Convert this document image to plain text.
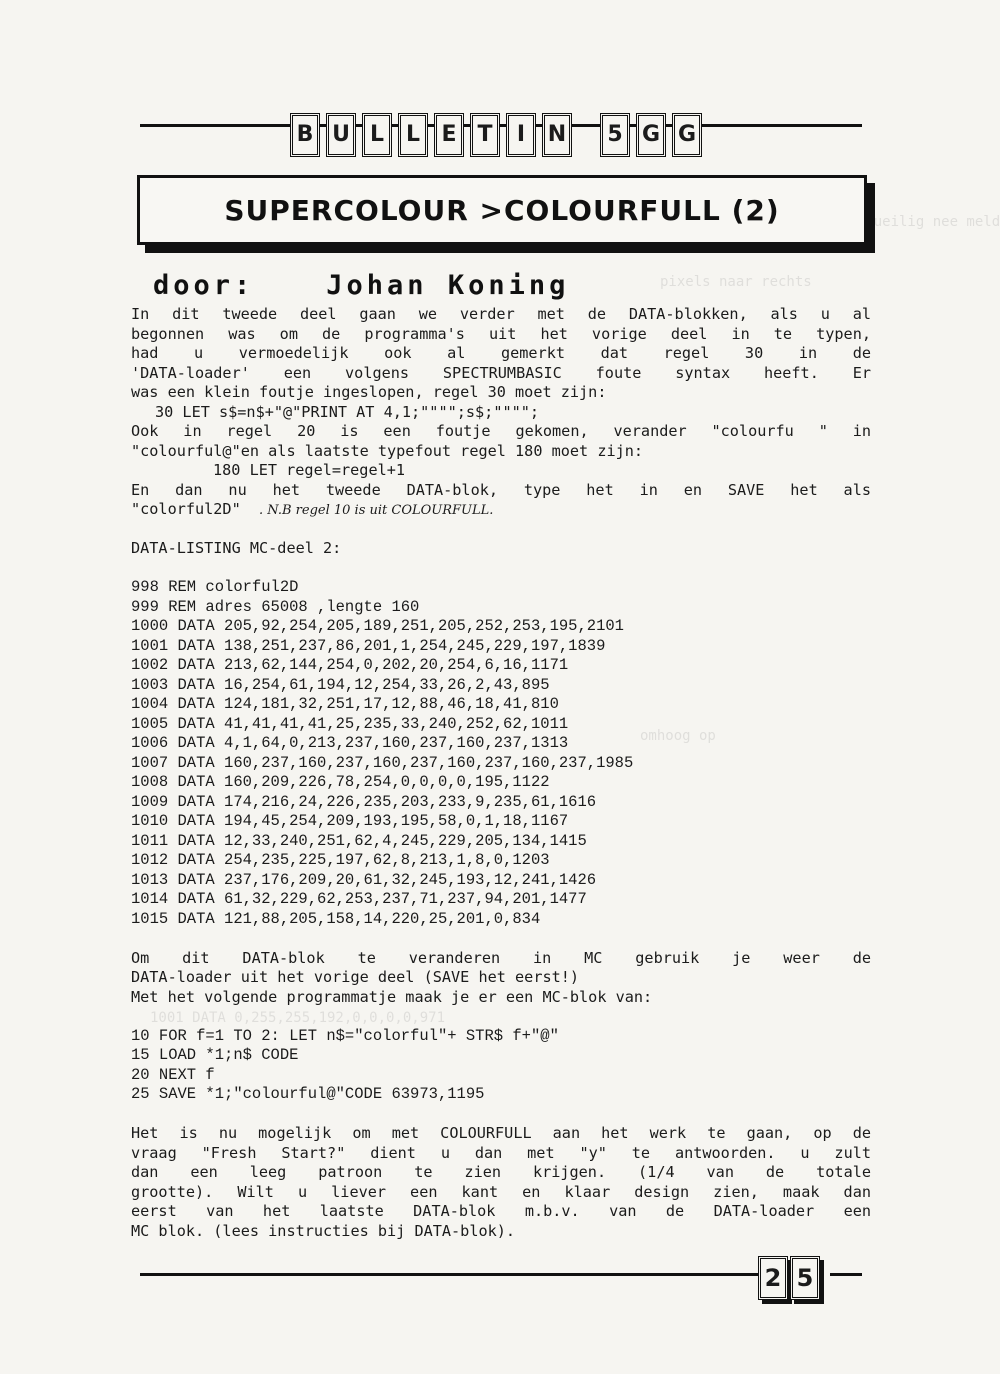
Met ueilig nee meld
pixels naar rechts
omhoog op
1001 DATA 0,255,255,192,0,0,0,0,971
B U L L E T	I	N	5 G G
SUPERCOLOUR >COLOURFULL (2)
door:	Johan Koning
In dit tweede deel gaan we verder met de DATA-blokken, als u al
begonnen was om de programma's uit het vorige deel in te typen,
had u vermoedelijk ook al gemerkt dat regel 30 in de
'DATA-loader' een volgens SPECTRUMBASIC foute syntax heeft. Er
was een klein foutje ingeslopen, regel 30 moet zijn:
30 LET s$=n$+"@"PRINT AT 4,1;"""";s$;"""";
Ook in regel 20 is een foutje gekomen, verander "colourfu " in
"colourful@"en als laatste typefout regel 180 moet zijn:
180 LET regel=regel+1
En dan nu het tweede DATA-blok, type het in en SAVE het als
"colorful2D" . N.B regel 10 is uit COLOURFULL.
DATA-LISTING MC-deel 2:
998 REM colorful2D
999 REM adres 65008 ,lengte 160
1000 DATA 205,92,254,205,189,251,205,252,253,195,2101
1001 DATA 138,251,237,86,201,1,254,245,229,197,1839
1002 DATA 213,62,144,254,0,202,20,254,6,16,1171
1003 DATA 16,254,61,194,12,254,33,26,2,43,895
1004 DATA 124,181,32,251,17,12,88,46,18,41,810
1005 DATA 41,41,41,41,25,235,33,240,252,62,1011
1006 DATA 4,1,64,0,213,237,160,237,160,237,1313
1007 DATA 160,237,160,237,160,237,160,237,160,237,1985
1008 DATA 160,209,226,78,254,0,0,0,0,195,1122
1009 DATA 174,216,24,226,235,203,233,9,235,61,1616
1010 DATA 194,45,254,209,193,195,58,0,1,18,1167
1011 DATA 12,33,240,251,62,4,245,229,205,134,1415
1012 DATA 254,235,225,197,62,8,213,1,8,0,1203
1013 DATA 237,176,209,20,61,32,245,193,12,241,1426
1014 DATA 61,32,229,62,253,237,71,237,94,201,1477
1015 DATA 121,88,205,158,14,220,25,201,0,834
Om dit DATA-blok te veranderen in MC gebruik je weer de
DATA-loader uit het vorige deel (SAVE het eerst!)
Met het volgende programmatje maak je er een MC-blok van:
10 FOR f=1 TO 2: LET n$="colorful"+ STR$ f+"@"
15 LOAD *1;n$ CODE
20 NEXT f
25 SAVE *1;"colourful@"CODE 63973,1195
Het is nu mogelijk om met COLOURFULL aan het werk te gaan, op de
vraag "Fresh Start?" dient u dan met "y" te antwoorden. u zult
dan een leeg patroon te zien krijgen. (1/4 van de totale
grootte). Wilt u liever een kant en klaar design zien, maak dan
eerst van het laatste DATA-blok m.b.v. van de DATA-loader een
MC blok. (lees instructies bij DATA-blok).
2 5
